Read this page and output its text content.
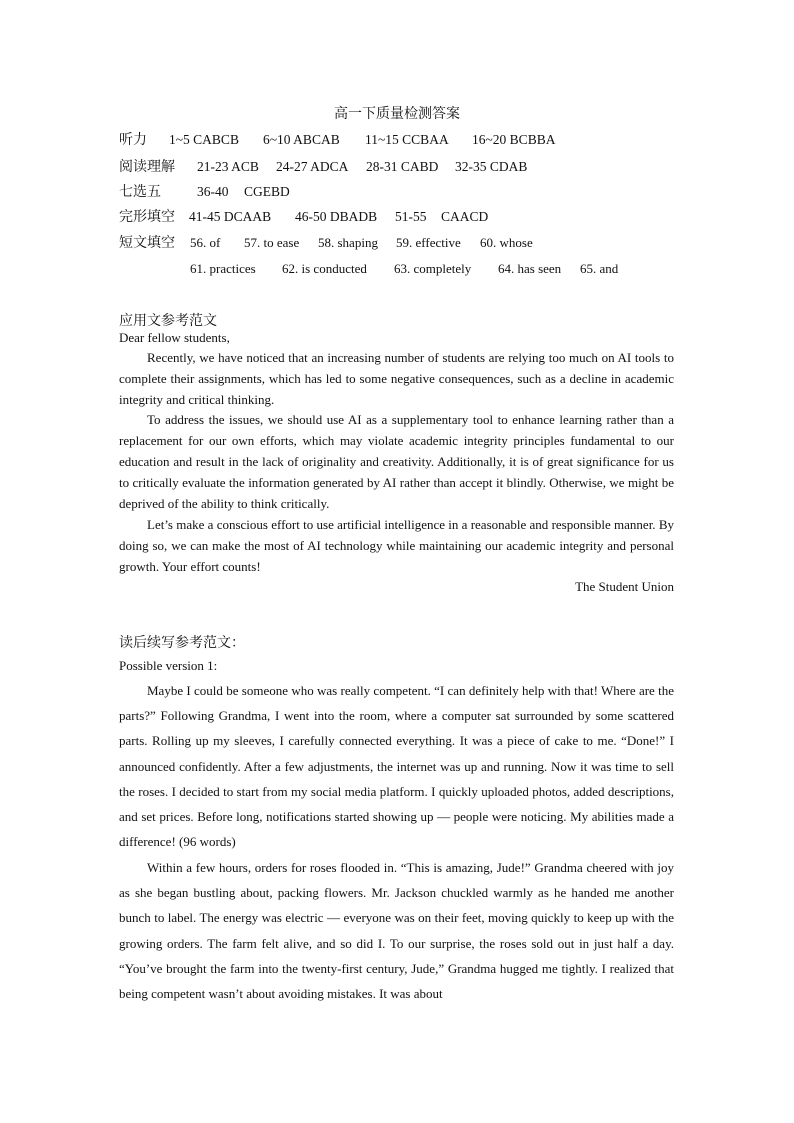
高一下质量检测答案
听力 1~5 CABCB 6~10 ABCAB 11~15 CCBAA 16~20 BCBBA
阅读理解 21-23 ACB 24-27 ADCA 28-31 CABD 32-35 CDAB
七选五	36-40 CGEBD
完形填空 41-45 DCAAB 46-50 DBADB 51-55 CAACD
短文填空 56. of 57. to ease 58. shaping 59. effective 60. whose
61. practices 62. is conducted 63. completely 64. has seen 65. and
应用文参考范文
Dear fellow students,

Recently, we have noticed that an increasing number of students are relying too much on AI tools to complete their assignments, which has led to some negative consequences, such as a decline in academic integrity and critical thinking.

To address the issues, we should use AI as a supplementary tool to enhance learning rather than a replacement for our own efforts, which may violate academic integrity principles fundamental to our education and result in the lack of originality and creativity. Additionally, it is of great significance for us to critically evaluate the information generated by AI rather than accept it blindly. Otherwise, we might be deprived of the ability to think critically.

Let’s make a conscious effort to use artificial intelligence in a reasonable and responsible manner. By doing so, we can make the most of AI technology while maintaining our academic integrity and personal growth. Your effort counts!

The Student Union
读后续写参考范文：
Possible version 1:

Maybe I could be someone who was really competent. “I can definitely help with that! Where are the parts?” Following Grandma, I went into the room, where a computer sat surrounded by some scattered parts. Rolling up my sleeves, I carefully connected everything. It was a piece of cake to me. “Done!” I announced confidently. After a few adjustments, the internet was up and running. Now it was time to sell the roses. I decided to start from my social media platform. I quickly uploaded photos, added descriptions, and set prices. Before long, notifications started showing up — people were noticing. My abilities made a difference! (96 words)

Within a few hours, orders for roses flooded in. “This is amazing, Jude!” Grandma cheered with joy as she began bustling about, packing flowers. Mr. Jackson chuckled warmly as he handed me another bunch to label. The energy was electric — everyone was on their feet, moving quickly to keep up with the growing orders. The farm felt alive, and so did I. To our surprise, the roses sold out in just half a day. “You’ve brought the farm into the twenty-first century, Jude,” Grandma hugged me tightly. I realized that being competent wasn’t about avoiding mistakes. It was about
